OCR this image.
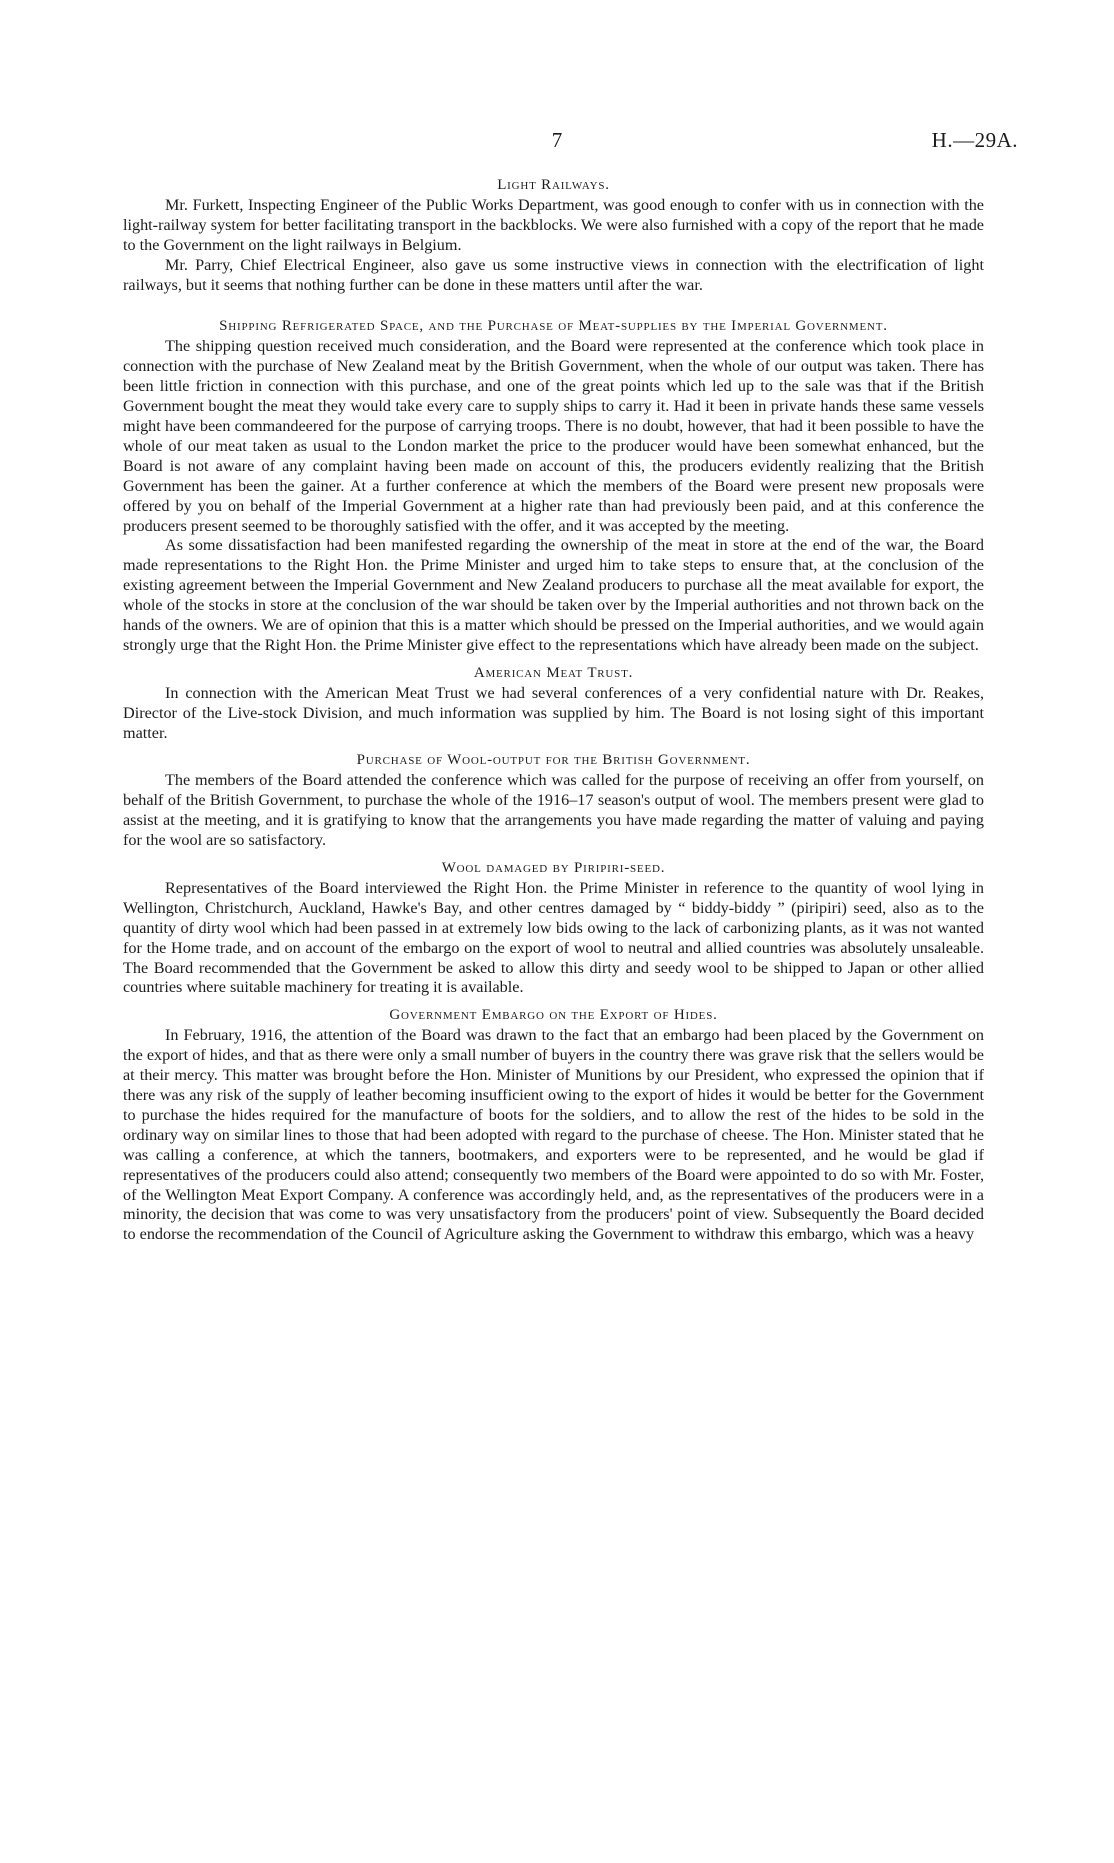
7	H.—29A.
Light Railways.

Mr. Furkett, Inspecting Engineer of the Public Works Department, was good enough to confer with us in connection with the light-railway system for better facilitating transport in the backblocks. We were also furnished with a copy of the report that he made to the Government on the light railways in Belgium.

Mr. Parry, Chief Electrical Engineer, also gave us some instructive views in connection with the electrification of light railways, but it seems that nothing further can be done in these matters until after the war.

Shipping Refrigerated Space, and the Purchase of Meat-supplies by the Imperial Government.

The shipping question received much consideration, and the Board were represented at the conference which took place in connection with the purchase of New Zealand meat by the British Government, when the whole of our output was taken. There has been little friction in connection with this purchase, and one of the great points which led up to the sale was that if the British Government bought the meat they would take every care to supply ships to carry it. Had it been in private hands these same vessels might have been commandeered for the purpose of carrying troops. There is no doubt, however, that had it been possible to have the whole of our meat taken as usual to the London market the price to the producer would have been somewhat enhanced, but the Board is not aware of any complaint having been made on account of this, the producers evidently realizing that the British Government has been the gainer. At a further conference at which the members of the Board were present new proposals were offered by you on behalf of the Imperial Government at a higher rate than had previously been paid, and at this conference the producers present seemed to be thoroughly satisfied with the offer, and it was accepted by the meeting.

As some dissatisfaction had been manifested regarding the ownership of the meat in store at the end of the war, the Board made representations to the Right Hon. the Prime Minister and urged him to take steps to ensure that, at the conclusion of the existing agreement between the Imperial Government and New Zealand producers to purchase all the meat available for export, the whole of the stocks in store at the conclusion of the war should be taken over by the Imperial authorities and not thrown back on the hands of the owners. We are of opinion that this is a matter which should be pressed on the Imperial authorities, and we would again strongly urge that the Right Hon. the Prime Minister give effect to the representations which have already been made on the subject.

American Meat Trust.

In connection with the American Meat Trust we had several conferences of a very confidential nature with Dr. Reakes, Director of the Live-stock Division, and much information was supplied by him. The Board is not losing sight of this important matter.

Purchase of Wool-output for the British Government.

The members of the Board attended the conference which was called for the purpose of receiving an offer from yourself, on behalf of the British Government, to purchase the whole of the 1916–17 season's output of wool. The members present were glad to assist at the meeting, and it is gratifying to know that the arrangements you have made regarding the matter of valuing and paying for the wool are so satisfactory.

Wool damaged by Piripiri-seed.

Representatives of the Board interviewed the Right Hon. the Prime Minister in reference to the quantity of wool lying in Wellington, Christchurch, Auckland, Hawke's Bay, and other centres damaged by “ biddy-biddy ” (piripiri) seed, also as to the quantity of dirty wool which had been passed in at extremely low bids owing to the lack of carbonizing plants, as it was not wanted for the Home trade, and on account of the embargo on the export of wool to neutral and allied countries was absolutely unsaleable. The Board recommended that the Government be asked to allow this dirty and seedy wool to be shipped to Japan or other allied countries where suitable machinery for treating it is available.

Government Embargo on the Export of Hides.

In February, 1916, the attention of the Board was drawn to the fact that an embargo had been placed by the Government on the export of hides, and that as there were only a small number of buyers in the country there was grave risk that the sellers would be at their mercy. This matter was brought before the Hon. Minister of Munitions by our President, who expressed the opinion that if there was any risk of the supply of leather becoming insufficient owing to the export of hides it would be better for the Government to purchase the hides required for the manufacture of boots for the soldiers, and to allow the rest of the hides to be sold in the ordinary way on similar lines to those that had been adopted with regard to the purchase of cheese. The Hon. Minister stated that he was calling a conference, at which the tanners, bootmakers, and exporters were to be represented, and he would be glad if representatives of the producers could also attend; consequently two members of the Board were appointed to do so with Mr. Foster, of the Wellington Meat Export Company. A conference was accordingly held, and, as the representatives of the producers were in a minority, the decision that was come to was very unsatisfactory from the producers' point of view. Subsequently the Board decided to endorse the recommendation of the Council of Agriculture asking the Government to withdraw this embargo, which was a heavy
